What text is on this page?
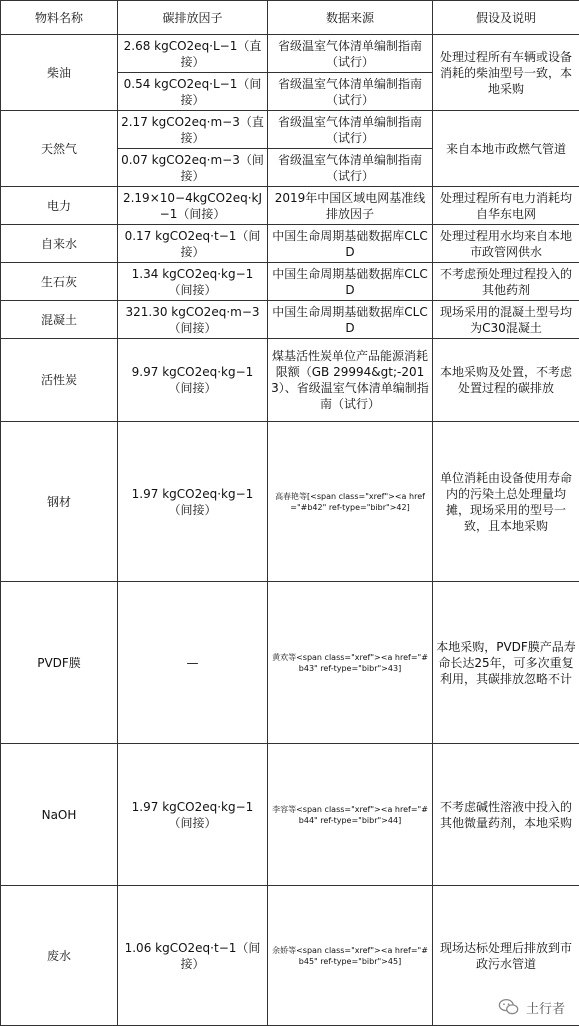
物料名称	碳排放因子	数据来源	假设及说明
柴油	2.68 kgCO2eq·L−1（直接）	省级温室气体清单编制指南（试行）	处理过程所有车辆或设备消耗的柴油型号一致，本地采购
	0.54 kgCO2eq·L−1（间接）	省级温室气体清单编制指南（试行）	
天然气	2.17 kgCO2eq·m−3（直接）	省级温室气体清单编制指南（试行）	来自本地市政燃气管道
	0.07 kgCO2eq·m−3（间接）	省级温室气体清单编制指南（试行）	
电力	2.19×10−4kgCO2eq·kJ−1（间接）	2019年中国区域电网基准线排放因子	处理过程所有电力消耗均自华东电网
自来水	0.17 kgCO2eq·t−1（间接）	中国生命周期基础数据库CLCD	处理过程用水均来自本地市政管网供水
生石灰	1.34 kgCO2eq·kg−1（间接）	中国生命周期基础数据库CLCD	不考虑预处理过程投入的其他药剂
混凝土	321.30 kgCO2eq·m−3（间接）	中国生命周期基础数据库CLCD	现场采用的混凝土型号均为C30混凝土
活性炭	9.97 kgCO2eq·kg−1（间接）	煤基活性炭单位产品能源消耗限额（GB 29994&gt;-2013）、省级温室气体清单编制指南（试行）	本地采购及处置，不考虑处置过程的碳排放
钢材	1.97 kgCO2eq·kg−1（间接）	高春艳等[<span class="xref"><a href="#b42" ref-type="bibr">42]	单位消耗由设备使用寿命内的污染土总处理量均摊，现场采用的型号一致，且本地采购
PVDF膜	—	黄欢等<span class="xref"><a href="#b43" ref-type="bibr">43]	本地采购，PVDF膜产品寿命长达25年，可多次重复利用，其碳排放忽略不计
NaOH	1.97 kgCO2eq·kg−1（间接）	李容等<span class="xref"><a href="#b44" ref-type="bibr">44]	不考虑碱性溶液中投入的其他微量药剂，本地采购
废水	1.06 kgCO2eq·t−1（间接）	余娇等<span class="xref"><a href="#b45" ref-type="bibr">45]	现场达标处理后排放到市政污水管道
土行者
